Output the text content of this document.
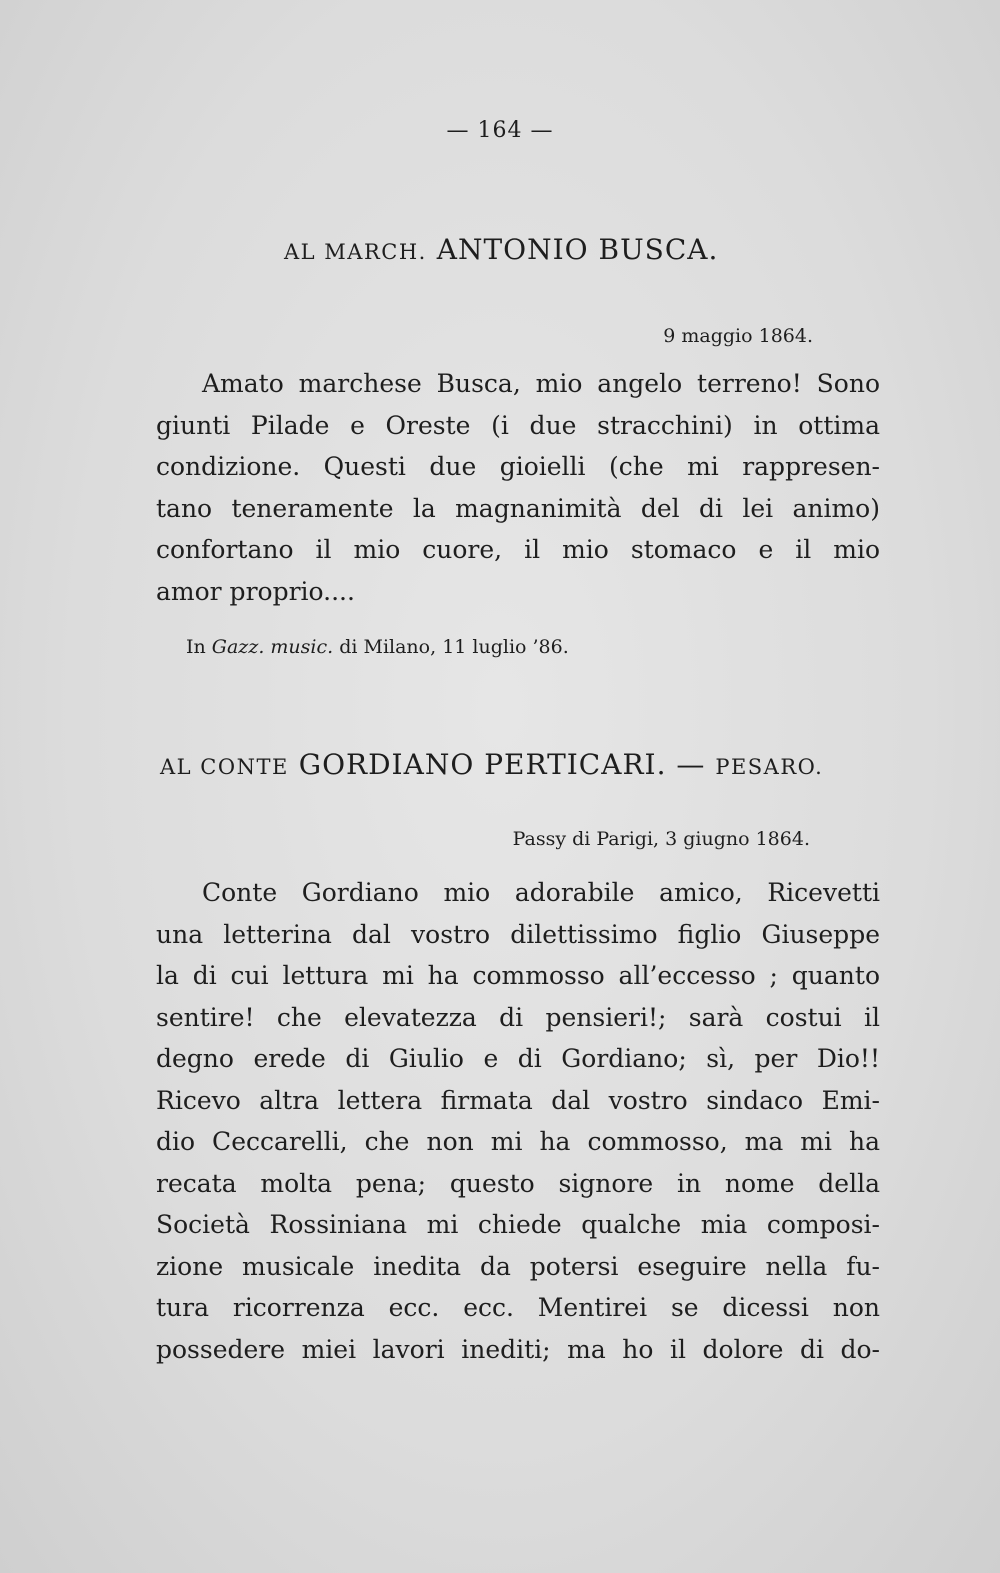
— 164 —
AL MARCH. ANTONIO BUSCA.
9 maggio 1864.
Amato marchese Busca, mio angelo terreno! Sono
giunti Pilade e Oreste (i due stracchini) in ottima
condizione. Questi due gioielli (che mi rappresen-
tano teneramente la magnanimità del di lei animo)
confortano il mio cuore, il mio stomaco e il mio
amor proprio....
In Gazz. music. di Milano, 11 luglio ’86.
AL CONTE GORDIANO PERTICARI. — PESARO.
Passy di Parigi, 3 giugno 1864.
Conte Gordiano mio adorabile amico, Ricevetti
una letterina dal vostro dilettissimo figlio Giuseppe
la di cui lettura mi ha commosso all’eccesso ; quanto
sentire! che elevatezza di pensieri!; sarà costui il
degno erede di Giulio e di Gordiano; sì, per Dio!!
Ricevo altra lettera firmata dal vostro sindaco Emi-
dio Ceccarelli, che non mi ha commosso, ma mi ha
recata molta pena; questo signore in nome della
Società Rossiniana mi chiede qualche mia composi-
zione musicale inedita da potersi eseguire nella fu-
tura ricorrenza ecc. ecc. Mentirei se dicessi non
possedere miei lavori inediti; ma ho il dolore di do-
